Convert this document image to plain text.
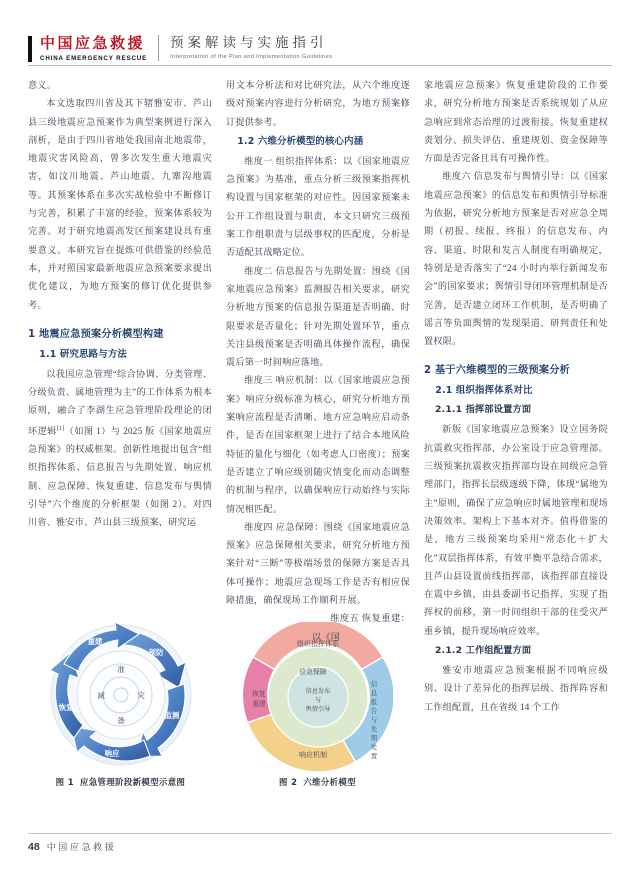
中国应急救援
CHINA EMERGENCY RESCUE
预案解读与实施指引
Interpretation of the Plan and Implementation Guidelines

意义。

本文选取四川省及其下辖雅安市、芦山县三级地震应急预案作为典型案例进行深入剖析，是由于四川省地处我国南北地震带，地震灾害风险高，曾多次发生重大地震灾害，如汶川地震、芦山地震、九寨沟地震等。其预案体系在多次实战检验中不断修订与完善，积累了丰富的经验，预案体系较为完善。对于研究地震高发区预案建设具有重要意义。本研究旨在提炼可供借鉴的经验范本，并对照国家最新地震应急预案要求提出优化建议，为地方预案的修订优化提供参考。

1 地震应急预案分析模型构建
1.1 研究思路与方法

以我国应急管理“综合协调、分类管理、分级负责、属地管理为主”的工作体系为根本原则，融合了李湖生应急管理阶段理论的闭环逻辑[1]（如图 1）与 2025 版《国家地震应急预案》的权威框架。创新性地提出包含“组织指挥体系、信息报告与先期处置、响应机制、应急保障、恢复重建、信息发布与舆情引导”六个维度的分析框架（如图 2）。对四川省、雅安市、芦山县三级预案，研究运

预防
监测
响应
恢复
重建
准
灾
备
减
图 1 应急管理阶段新模型示意图
组织指挥体系
信
息
报
告
与
先
期
处
置
响应机制
恢复
重建
应急保障
信息发布
与
舆情引导
图 2 六维分析模型

用文本分析法和对比研究法，从六个维度逐级对预案内容进行分析研究，为地方预案修订提供参考。

1.2 六维分析模型的核心内涵

维度一 组织指挥体系：以《国家地震应急预案》为基准，重点分析三级预案指挥机构设置与国家框架的对应性。因国家预案未公开工作组设置与职责，本文只研究三级预案工作组职责与层级事权的匹配度，分析是否适配其战略定位。

维度二 信息报告与先期处置：围绕《国家地震应急预案》监测报告相关要求，研究分析地方预案的信息报告渠道是否明确、时限要求是否量化；针对先期处置环节，重点关注县级预案是否明确具体操作流程，确保震后第一时间响应落地。

维度三 响应机制：以《国家地震应急预案》响应分级标准为核心，研究分析地方预案响应流程是否清晰、地方应急响应启动条件，是否在国家框架上进行了结合本地风险特征的量化与细化（如考虑人口密度）；预案是否建立了响应级别随灾情变化而动态调整的机制与程序，以确保响应行动始终与实际情况相匹配。

维度四 应急保障：围绕《国家地震应急预案》应急保障相关要求，研究分析地方预案针对“三断”等极端场景的保障方案是否具体可操作；地震应急现场工作是否有相应保障措施，确保现场工作顺利开展。

维度五 恢复重建：以《国

家地震应急预案》恢复重建阶段的工作要求，研究分析地方预案是否系统规划了从应急响应到常态治理的过渡衔接。恢复重建权责划分、损失评估、重建规划、资金保障等方面是否完备且具有可操作性。

维度六 信息发布与舆情引导：以《国家地震应急预案》的信息发布和舆情引导标准为依据，研究分析地方预案是否对应急全周期（初报、续报、终报）的信息发布、内容、渠道、时限和发言人制度有明确规定，特别是是否落实了“24 小时内举行新闻发布会”的国家要求；舆情引导闭环管理机制是否完善，是否建立闭环工作机制，是否明确了谣言等负面舆情的发现渠道、研判责任和处置权限。

2 基于六维模型的三级预案分析
2.1 组织指挥体系对比
2.1.1 指挥部设置方面

新版《国家地震应急预案》设立国务院抗震救灾指挥部，办公室设于应急管理部。三级预案抗震救灾指挥部均设在同级应急管理部门，指挥长层级逐级下降，体现“属地为主”原则，确保了应急响应时属地管理和现场决策效率。架构上下基本对齐。值得借鉴的是，地方三级预案均采用“常态化＋扩大化”双层指挥体系，有效平衡平急结合需求，且芦山县设置前线指挥部，该指挥部直接设在震中乡镇，由县委副书记指挥，实现了指挥权的前移，第一时间组织干部的住受灾严重乡镇，提升现场响应效率。

2.1.2 工作组配置方面

雅安市地震应急预案根据不同响应级别、设计了差异化的指挥层级、指挥阵容和工作组配置，且在省级 14 个工作

48 中国应急救援
